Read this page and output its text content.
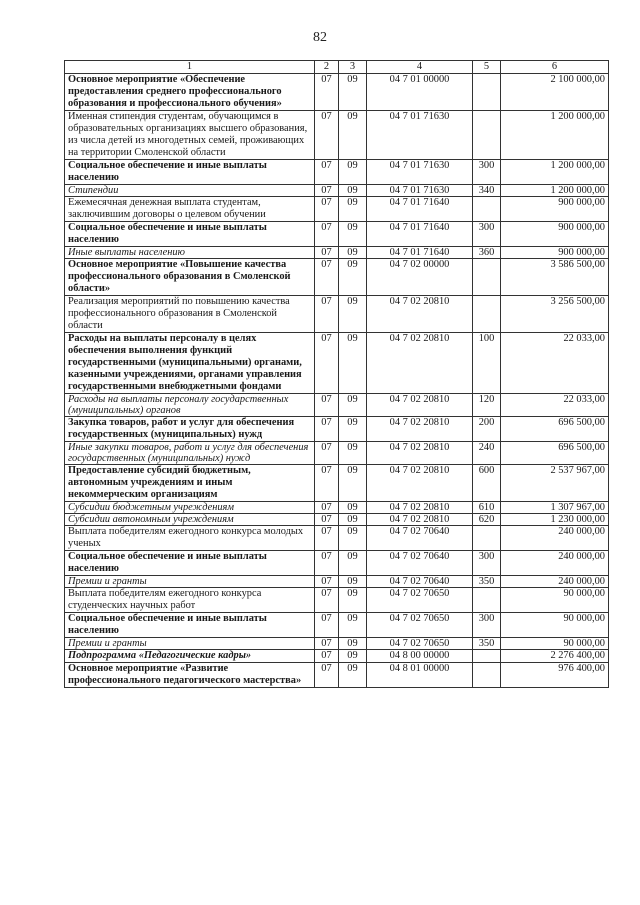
82
1	2	3	4	5	6
Основное мероприятие «Обеспечение предоставления среднего профессионального образования и профессионального обучения»	07	09	04 7 01 00000		2 100 000,00
Именная стипендия студентам, обучающимся в образовательных организациях высшего образования, из числа детей из многодетных семей, проживающих на территории Смоленской области	07	09	04 7 01 71630		1 200 000,00
Социальное обеспечение и иные выплаты населению	07	09	04 7 01 71630	300	1 200 000,00
Стипендии	07	09	04 7 01 71630	340	1 200 000,00
Ежемесячная денежная выплата студентам, заключившим договоры о целевом обучении	07	09	04 7 01 71640		900 000,00
Социальное обеспечение и иные выплаты населению	07	09	04 7 01 71640	300	900 000,00
Иные выплаты населению	07	09	04 7 01 71640	360	900 000,00
Основное мероприятие «Повышение качества профессионального образования в Смоленской области»	07	09	04 7 02 00000		3 586 500,00
Реализация мероприятий по повышению качества профессионального образования в Смоленской области	07	09	04 7 02 20810		3 256 500,00
Расходы на выплаты персоналу в целях обеспечения выполнения функций государственными (муниципальными) органами, казенными учреждениями, органами управления государственными внебюджетными фондами	07	09	04 7 02 20810	100	22 033,00
Расходы на выплаты персоналу государственных (муниципальных) органов	07	09	04 7 02 20810	120	22 033,00
Закупка товаров, работ и услуг для обеспечения государственных (муниципальных) нужд	07	09	04 7 02 20810	200	696 500,00
Иные закупки товаров, работ и услуг для обеспечения государственных (муниципальных) нужд	07	09	04 7 02 20810	240	696 500,00
Предоставление субсидий бюджетным, автономным учреждениям и иным некоммерческим организациям	07	09	04 7 02 20810	600	2 537 967,00
Субсидии бюджетным учреждениям	07	09	04 7 02 20810	610	1 307 967,00
Субсидии автономным учреждениям	07	09	04 7 02 20810	620	1 230 000,00
Выплата победителям ежегодного конкурса молодых ученых	07	09	04 7 02 70640		240 000,00
Социальное обеспечение и иные выплаты населению	07	09	04 7 02 70640	300	240 000,00
Премии и гранты	07	09	04 7 02 70640	350	240 000,00
Выплата победителям ежегодного конкурса студенческих научных работ	07	09	04 7 02 70650		90 000,00
Социальное обеспечение и иные выплаты населению	07	09	04 7 02 70650	300	90 000,00
Премии и гранты	07	09	04 7 02 70650	350	90 000,00
Подпрограмма «Педагогические кадры»	07	09	04 8 00 00000		2 276 400,00
Основное мероприятие «Развитие профессионального педагогического мастерства»	07	09	04 8 01 00000		976 400,00
